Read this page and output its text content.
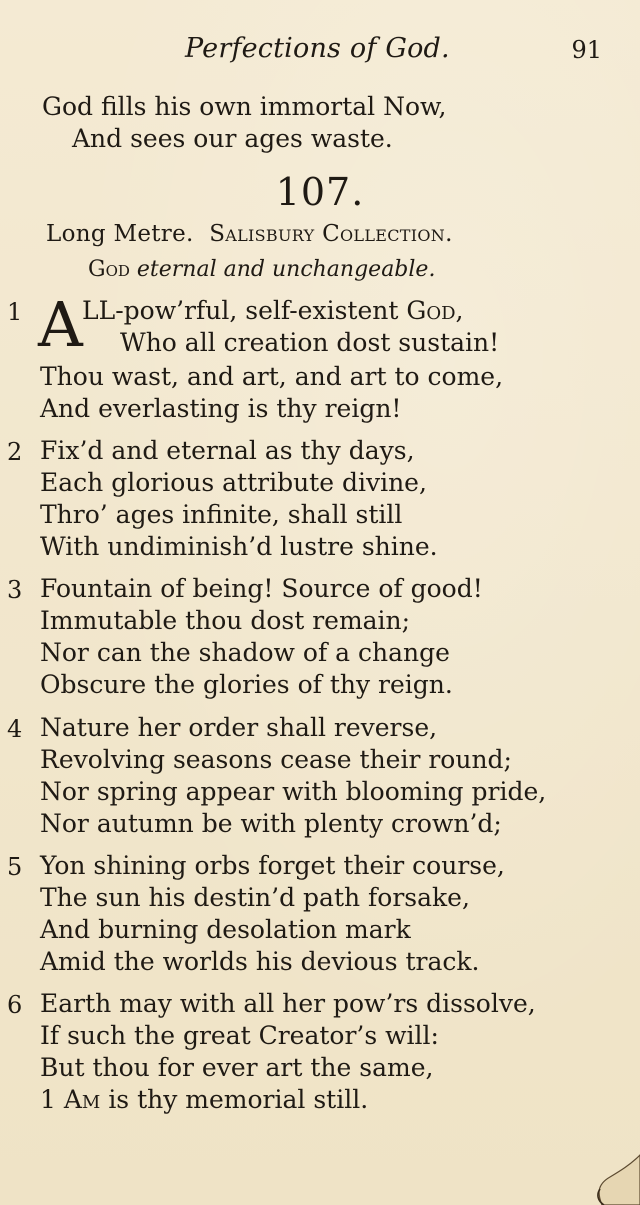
Perfections of God.	91
God fills his own immortal Now,
And sees our ages waste.
107.
Long Metre. Salisbury Collection.
God eternal and unchangeable.
1 A LL-pow’rful, self-existent God,
Who all creation dost sustain!
Thou wast, and art, and art to come,
And everlasting is thy reign!
2 Fix’d and eternal as thy days,
Each glorious attribute divine,
Thro’ ages infinite, shall still
With undiminish’d lustre shine.
3 Fountain of being! Source of good!
Immutable thou dost remain;
Nor can the shadow of a change
Obscure the glories of thy reign.
4 Nature her order shall reverse,
Revolving seasons cease their round;
Nor spring appear with blooming pride,
Nor autumn be with plenty crown’d;
5 Yon shining orbs forget their course,
The sun his destin’d path forsake,
And burning desolation mark
Amid the worlds his devious track.
6 Earth may with all her pow’rs dissolve,
If such the great Creator’s will:
But thou for ever art the same,
1 Am is thy memorial still.
